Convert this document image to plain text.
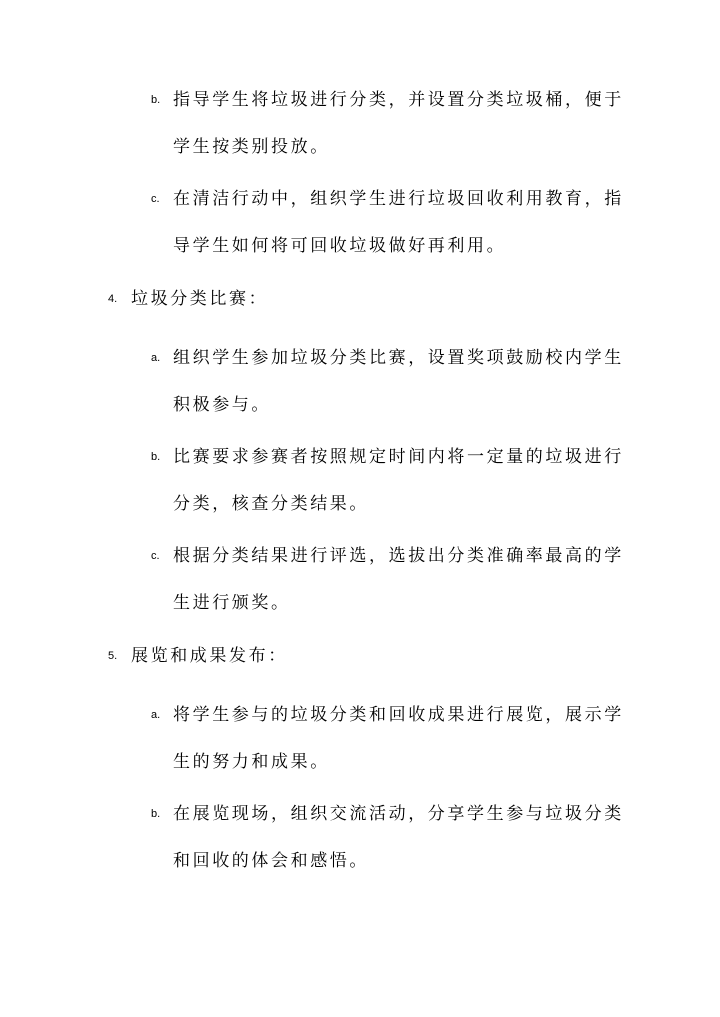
b. 指导学生将垃圾进行分类，并设置分类垃圾桶，便于学生按类别投放。
c. 在清洁行动中，组织学生进行垃圾回收利用教育，指导学生如何将可回收垃圾做好再利用。
4. 垃圾分类比赛：
a. 组织学生参加垃圾分类比赛，设置奖项鼓励校内学生积极参与。
b. 比赛要求参赛者按照规定时间内将一定量的垃圾进行分类，核查分类结果。
c. 根据分类结果进行评选，选拔出分类准确率最高的学生进行颁奖。
5. 展览和成果发布：
a. 将学生参与的垃圾分类和回收成果进行展览，展示学生的努力和成果。
b. 在展览现场，组织交流活动，分享学生参与垃圾分类和回收的体会和感悟。
